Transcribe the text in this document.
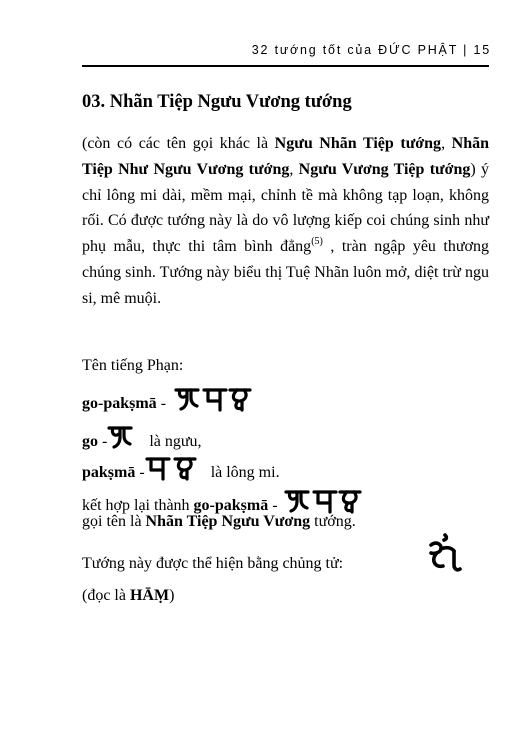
32 tướng tốt của ĐỨC PHẬT | 15
03. Nhãn Tiệp Ngưu Vương tướng

(còn có các tên gọi khác là Ngưu Nhãn Tiệp tướng, Nhãn Tiệp Như Ngưu Vương tướng, Ngưu Vương Tiệp tướng) ý chỉ lông mi dài, mềm mại, chỉnh tề mà không tạp loạn, không rối. Có được tướng này là do vô lượng kiếp coi chúng sinh như phụ mẫu, thực thi tâm bình đẳng$^{(5)}$ , tràn ngập yêu thương chúng sinh. Tướng này biểu thị Tuệ Nhãn luôn mở, diệt trừ ngu si, mê muội.

Tên tiếng Phạn:
go-pakṣmā -
go -	là ngưu,
pakṣmā -	là lông mi.
kết hợp lại thành go-pakṣmā -
gọi tên là Nhãn Tiệp Ngưu Vương tướng.
Tướng này được thể hiện bằng chủng tử:
(đọc là HĀṂ)
